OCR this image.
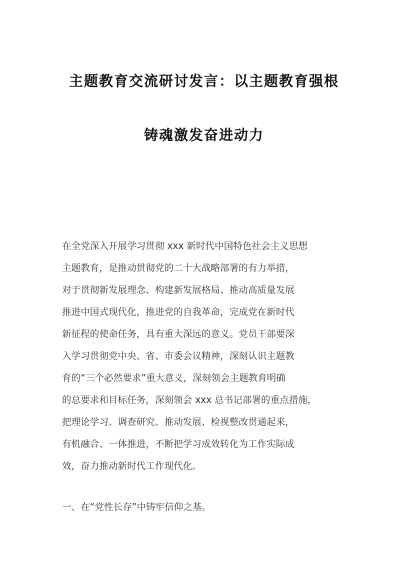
主题教育交流研讨发言：以主题教育强根
铸魂激发奋进动力
在全党深入开展学习贯彻 xxx 新时代中国特色社会主义思想
主题教育，是推动贯彻党的二十大战略部署的有力举措，
对于贯彻新发展理念、构建新发展格局、推动高质量发展
推进中国式现代化，推进党的自我革命，完成党在新时代
新征程的使命任务，具有重大深远的意义。党员干部要深
入学习贯彻党中央、省、市委会议精神，深刻认识主题教
育的“三个必然要求”重大意义，深刻领会主题教育明确
的总要求和目标任务，深刻领会 xxx 总书记部署的重点措施，
把理论学习、调查研究、推动发展、检视整改贯通起来，
有机融合、一体推进，不断把学习成效转化为工作实际成
效，奋力推动新时代工作现代化。
一、在“党性长存”中铸牢信仰之基。
